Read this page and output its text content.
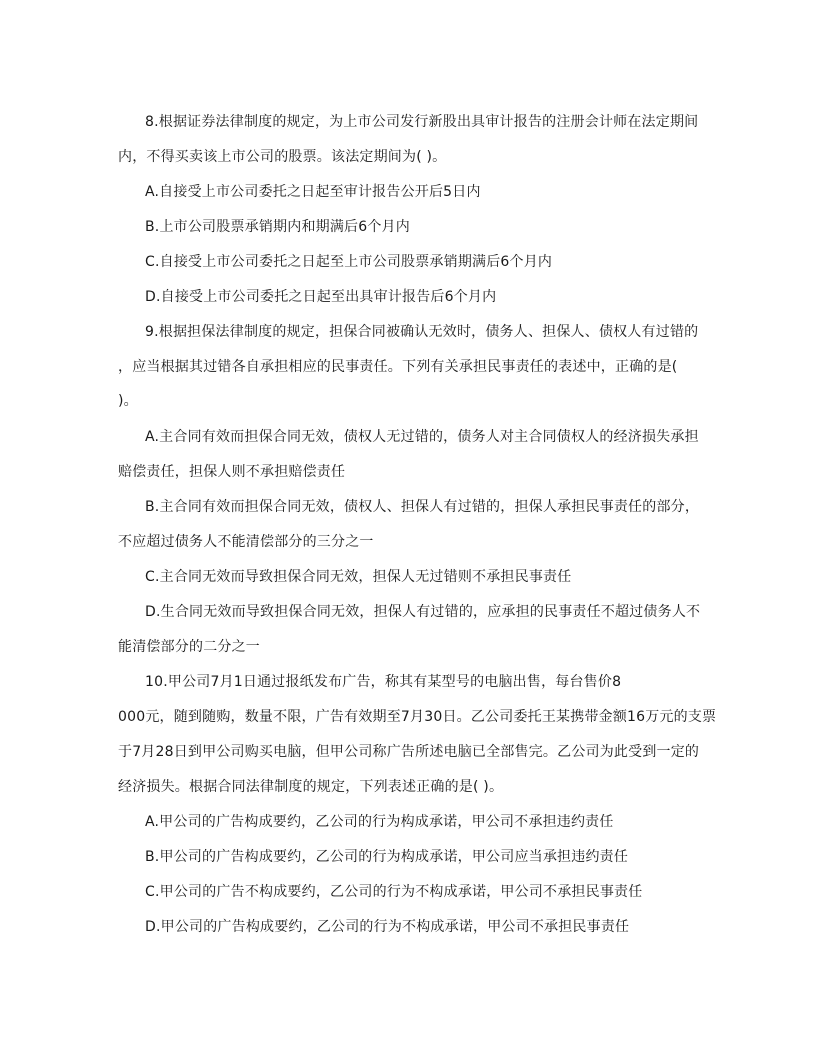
8.根据证券法律制度的规定，为上市公司发行新股出具审计报告的注册会计师在法定期间
内，不得买卖该上市公司的股票。该法定期间为( )。
A.自接受上市公司委托之日起至审计报告公开后5日内
B.上市公司股票承销期内和期满后6个月内
C.自接受上市公司委托之日起至上市公司股票承销期满后6个月内
D.自接受上市公司委托之日起至出具审计报告后6个月内
9.根据担保法律制度的规定，担保合同被确认无效时，债务人、担保人、债权人有过错的
，应当根据其过错各自承担相应的民事责任。下列有关承担民事责任的表述中，正确的是(
)。
A.主合同有效而担保合同无效，债权人无过错的，债务人对主合同债权人的经济损失承担
赔偿责任，担保人则不承担赔偿责任
B.主合同有效而担保合同无效，债权人、担保人有过错的，担保人承担民事责任的部分，
不应超过债务人不能清偿部分的三分之一
C.主合同无效而导致担保合同无效，担保人无过错则不承担民事责任
D.生合同无效而导致担保合同无效，担保人有过错的，应承担的民事责任不超过债务人不
能清偿部分的二分之一
10.甲公司7月1日通过报纸发布广告，称其有某型号的电脑出售，每台售价8
000元，随到随购，数量不限，广告有效期至7月30日。乙公司委托王某携带金额16万元的支票
于7月28日到甲公司购买电脑，但甲公司称广告所述电脑已全部售完。乙公司为此受到一定的
经济损失。根据合同法律制度的规定，下列表述正确的是( )。
A.甲公司的广告构成要约，乙公司的行为构成承诺，甲公司不承担违约责任
B.甲公司的广告构成要约，乙公司的行为构成承诺，甲公司应当承担违约责任
C.甲公司的广告不构成要约，乙公司的行为不构成承诺，甲公司不承担民事责任
D.甲公司的广告构成要约，乙公司的行为不构成承诺，甲公司不承担民事责任
